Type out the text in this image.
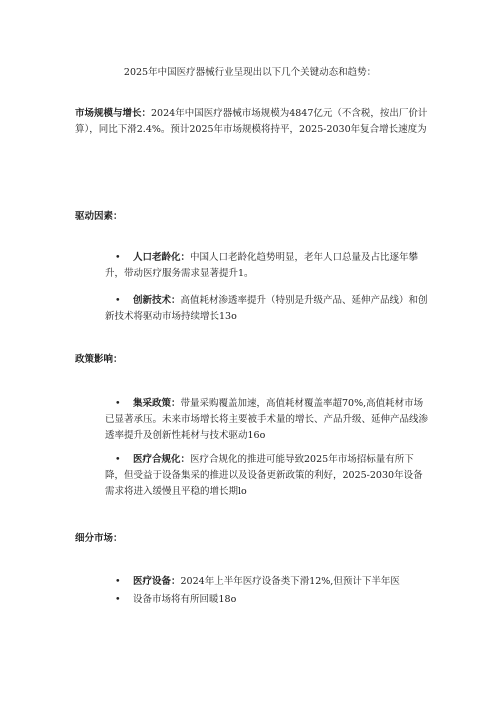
2025年中国医疗器械行业呈现出以下几个关键动态和趋势：
市场规模与增长：2024年中国医疗器械市场规模为4847亿元（不含税，按出厂价计算），同比下滑2.4%。预计2025年市场规模将持平，2025-2030年复合增长速度为
驱动因素：
•	人口老龄化：中国人口老龄化趋势明显，老年人口总量及占比逐年攀升，带动医疗服务需求显著提升1。
•	创新技术：高值耗材渗透率提升（特别是升级产品、延伸产品线）和创新技术将驱动市场持续增长13o
政策影响：
•	集采政策：带量采购覆盖加速，高值耗材覆盖率超70%,高值耗材市场已显著承压。未来市场增长将主要被手术量的增长、产品升级、延伸产品线渗透率提升及创新性耗材与技术驱动16o
•	医疗合规化：医疗合规化的推进可能导致2025年市场招标量有所下降，但受益于设备集采的推进以及设备更新政策的利好，2025-2030年设备需求将进入缓慢且平稳的增长期lo
细分市场：
•	医疗设备：2024年上半年医疗设备类下滑12%,但预计下半年医
•	设备市场将有所回暖18o
